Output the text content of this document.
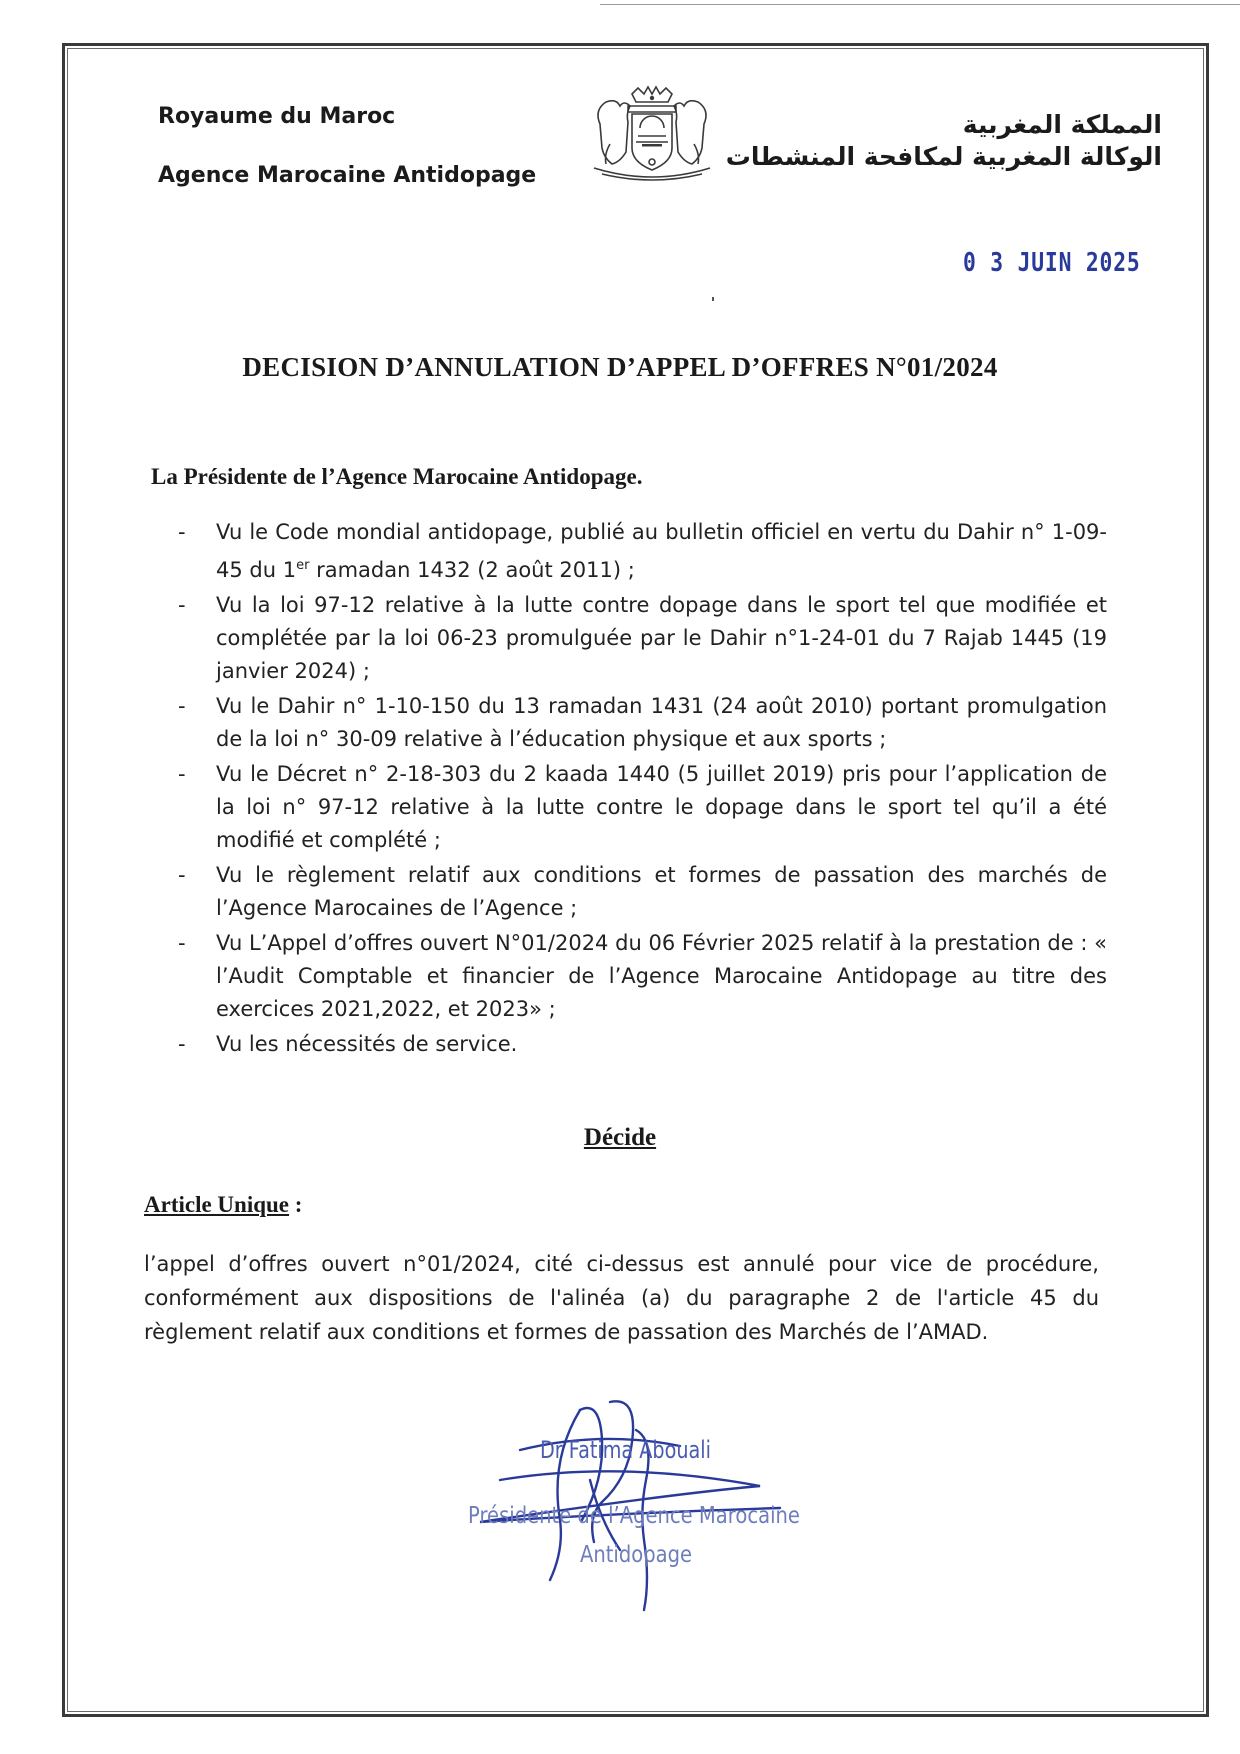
Royaume du Maroc
Agence Marocaine Antidopage
المملكة المغربية
الوكالة المغربية لمكافحة المنشطات
0 3 JUIN 2025
DECISION D’ANNULATION D’APPEL D’OFFRES N°01/2024
La Présidente de l’Agence Marocaine Antidopage.
- Vu le Code mondial antidopage, publié au bulletin officiel en vertu du Dahir n° 1-09-45 du 1er ramadan 1432 (2 août 2011) ;
- Vu la loi 97-12 relative à la lutte contre dopage dans le sport tel que modifiée et complétée par la loi 06-23 promulguée par le Dahir n°1-24-01 du 7 Rajab 1445 (19 janvier 2024) ;
- Vu le Dahir n° 1-10-150 du 13 ramadan 1431 (24 août 2010) portant promulgation de la loi n° 30-09 relative à l’éducation physique et aux sports ;
- Vu le Décret n° 2-18-303 du 2 kaada 1440 (5 juillet 2019) pris pour l’application de la loi n° 97-12 relative à la lutte contre le dopage dans le sport tel qu’il a été modifié et complété ;
- Vu le règlement relatif aux conditions et formes de passation des marchés de l’Agence Marocaines de l’Agence ;
- Vu L’Appel d’offres ouvert N°01/2024 du 06 Février 2025 relatif à la prestation de : « l’Audit Comptable et financier de l’Agence Marocaine Antidopage au titre des exercices 2021,2022, et 2023» ;
- Vu les nécessités de service.
Décide
Article Unique :
l’appel d’offres ouvert n°01/2024, cité ci-dessus est annulé pour vice de procédure, conformément aux dispositions de l'alinéa (a) du paragraphe 2 de l'article 45 du règlement relatif aux conditions et formes de passation des Marchés de l’AMAD.
Dr Fatima Abouali
Présidente de l’Agence Marocaine
Antidopage
